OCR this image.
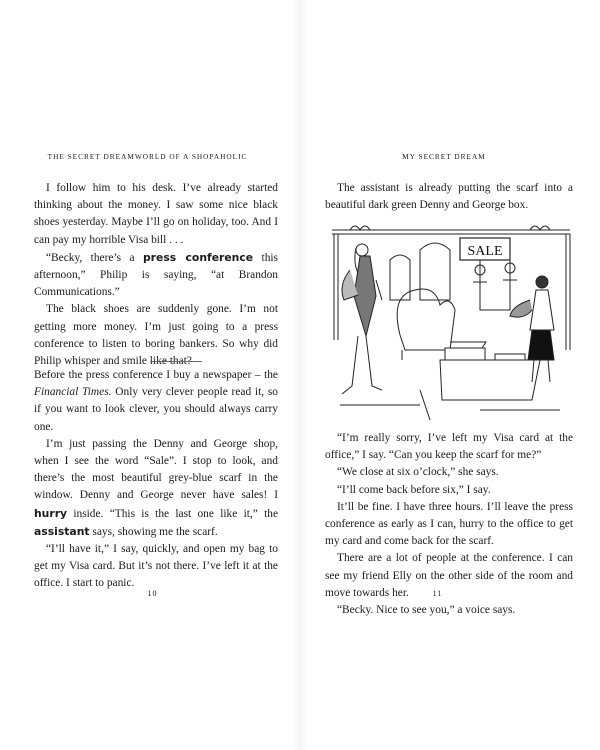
THE SECRET DREAMWORLD OF A SHOPAHOLIC

I follow him to his desk. I’ve already started thinking about the money. I saw some nice black shoes yesterday. Maybe I’ll go on holiday, too. And I can pay my horrible Visa bill . . .

“Becky, there’s a press conference this afternoon,” Philip is saying, “at Brandon Communications.”

The black shoes are suddenly gone. I’m not getting more money. I’m just going to a press conference to listen to boring bankers. So why did Philip whisper and smile like that?

Before the press conference I buy a newspaper – the Financial Times. Only very clever people read it, so if you want to look clever, you should always carry one.

I’m just passing the Denny and George shop, when I see the word “Sale”. I stop to look, and there’s the most beautiful grey-blue scarf in the window. Denny and George never have sales! I hurry inside. “This is the last one like it,” the assistant says, showing me the scarf.

“I’ll have it,” I say, quickly, and open my bag to get my Visa card. But it’s not there. I’ve left it at the office. I start to panic.

10
MY SECRET DREAM

The assistant is already putting the scarf into a beautiful dark green Denny and George box.

SALE

“I’m really sorry, I’ve left my Visa card at the office,” I say. “Can you keep the scarf for me?”

“We close at six o’clock,” she says.

“I’ll come back before six,” I say.

It’ll be fine. I have three hours. I’ll leave the press conference as early as I can, hurry to the office to get my card and come back for the scarf.

There are a lot of people at the conference. I can see my friend Elly on the other side of the room and move towards her.

“Becky. Nice to see you,” a voice says.

11
